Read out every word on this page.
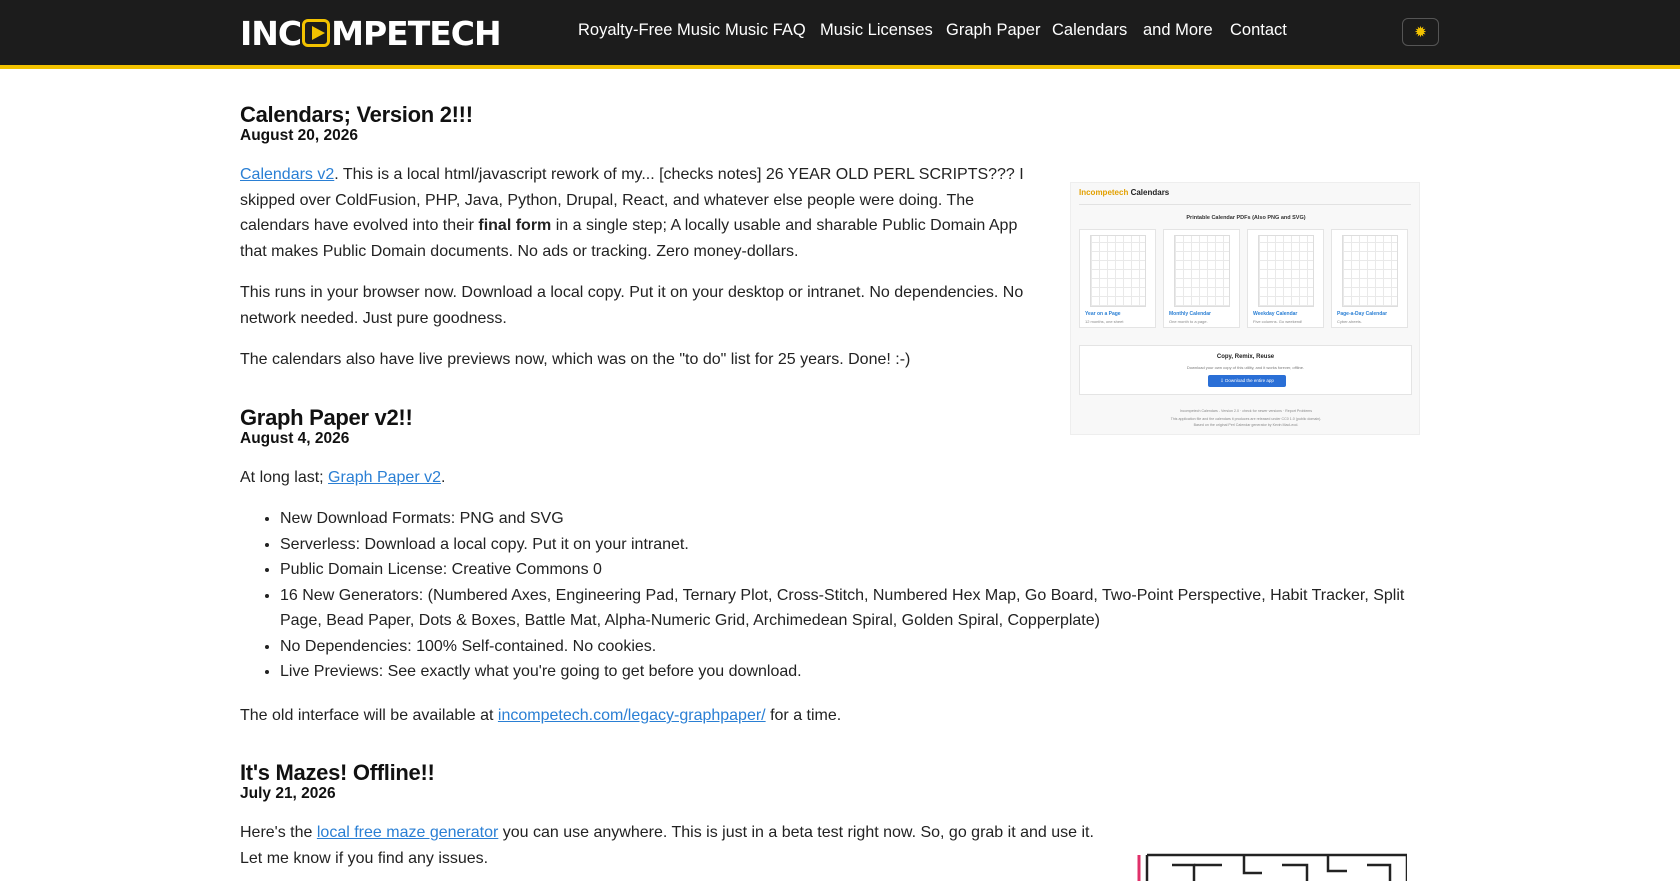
INC MPETECH	Royalty-Free Music Music FAQ Music Licenses Graph Paper Calendars and More Contact	✹
Calendars; Version 2!!!
August 20, 2026

Calendars v2. This is a local html/javascript rework of my... [checks notes] 26 YEAR OLD PERL SCRIPTS??? I skipped over ColdFusion, PHP, Java, Python, Drupal, React, and whatever else people were doing. The calendars have evolved into their final form in a single step; A locally usable and sharable Public Domain App that makes Public Domain documents. No ads or tracking. Zero money-dollars.

This runs in your browser now. Download a local copy. Put it on your desktop or intranet. No dependencies. No network needed. Just pure goodness.

The calendars also have live previews now, which was on the "to do" list for 25 years. Done! :-)

Graph Paper v2!!
August 4, 2026

At long last; Graph Paper v2.

• New Download Formats: PNG and SVG
• Serverless: Download a local copy. Put it on your intranet.
• Public Domain License: Creative Commons 0
• 16 New Generators: (Numbered Axes, Engineering Pad, Ternary Plot, Cross-Stitch, Numbered Hex Map, Go Board, Two-Point Perspective, Habit Tracker, Split Page, Bead Paper, Dots & Boxes, Battle Mat, Alpha-Numeric Grid, Archimedean Spiral, Golden Spiral, Copperplate)
• No Dependencies: 100% Self-contained. No cookies.
• Live Previews: See exactly what you're going to get before you download.

The old interface will be available at incompetech.com/legacy-graphpaper/ for a time.

It's Mazes! Offline!!
July 21, 2026

Here's the local free maze generator you can use anywhere. This is just in a beta test right now. So, go grab it and use it. Let me know if you find any issues.

Incompetech Calendars
Printable Calendar PDFs (Also PNG and SVG)
Year on a Page
12 months, one sheet
Monthly Calendar
One month to a page.
Weekday Calendar
Five columns. Go weekend!
Page-a-Day Calendar
Cyber-sheets.
Copy, Remix, Reuse
Download your own copy of this utility, and it works forever, offline.
⇩ Download the entire app
Incompetech Calendars - Version 2.0 · check for newer versions · Report Problems
This application file and the calendars it produces are released under CC0 1.0 (public domain).
Based on the original Perl Calendar generator by Kevin MacLeod.
